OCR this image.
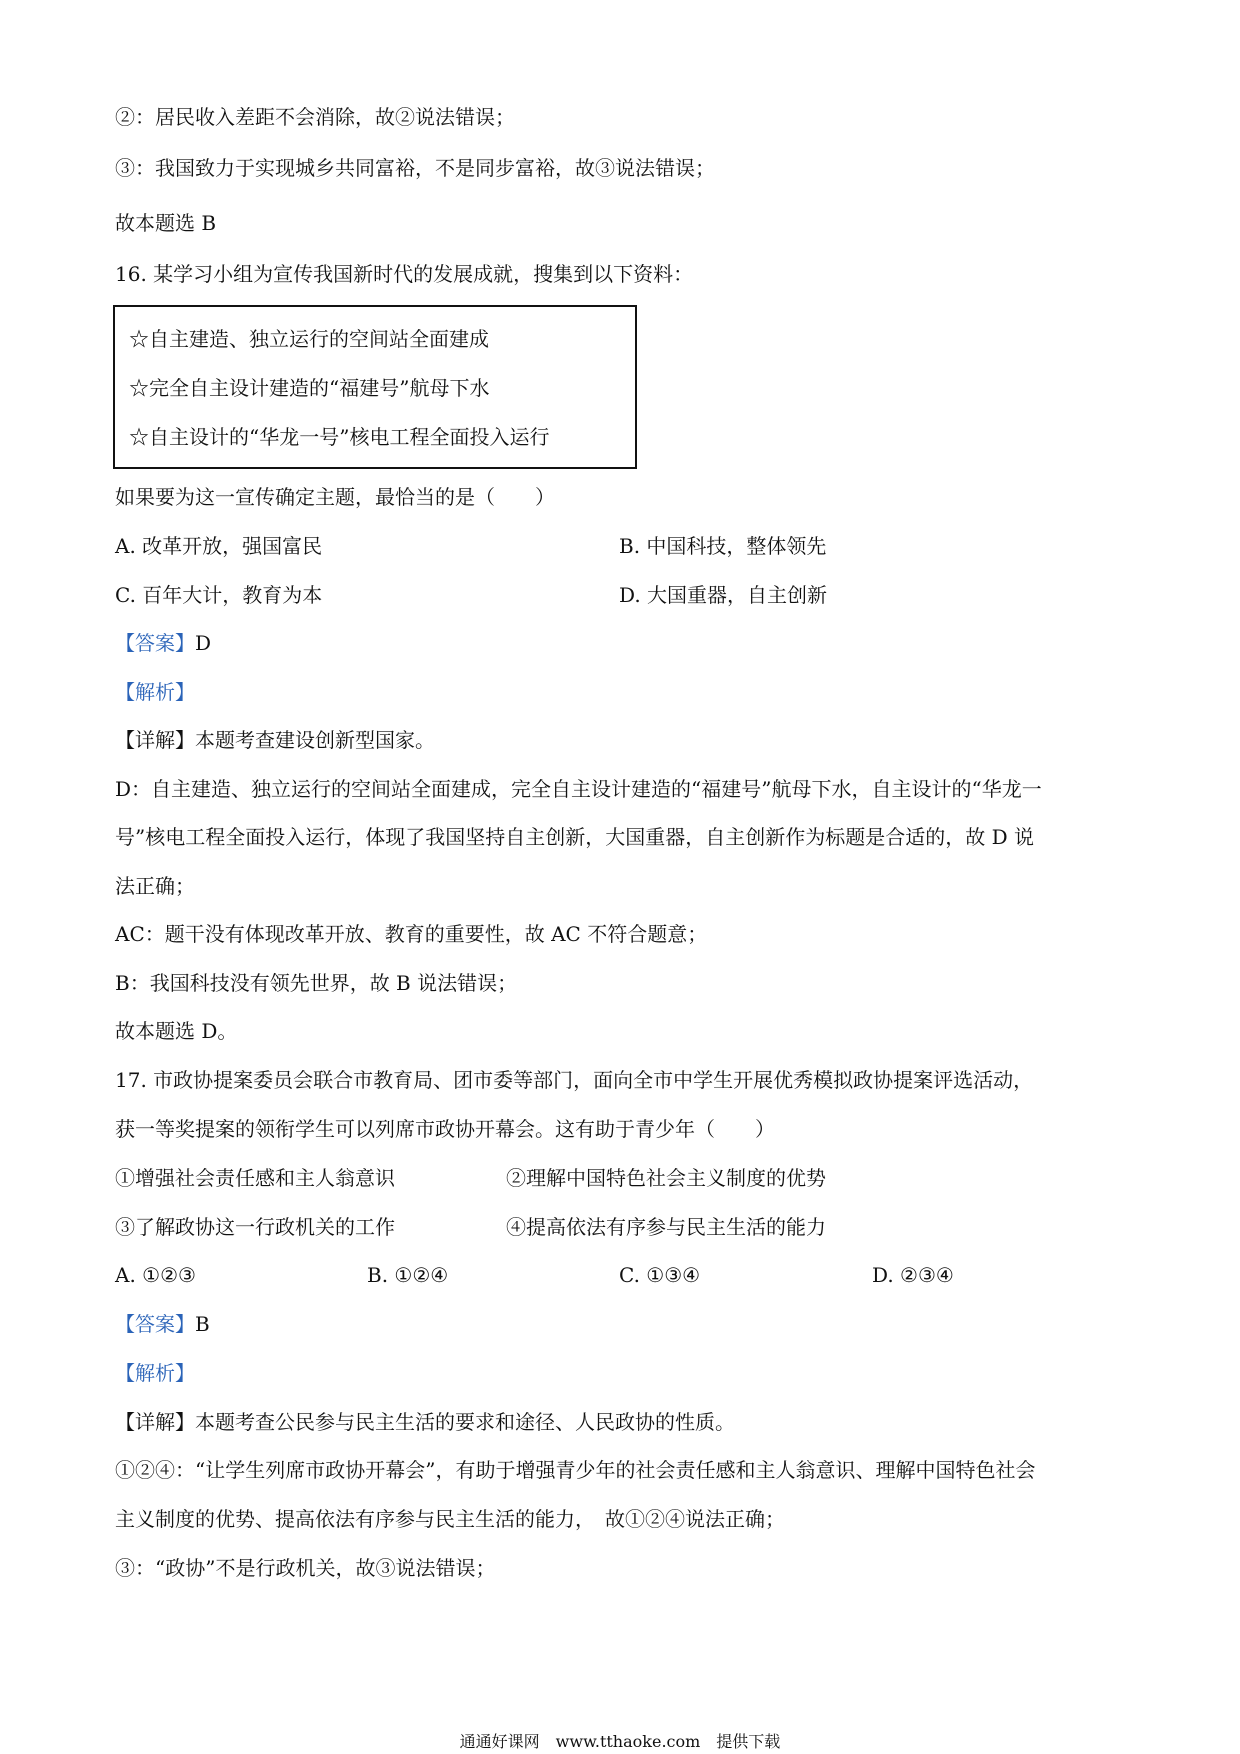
②：居民收入差距不会消除，故②说法错误；
③：我国致力于实现城乡共同富裕，不是同步富裕，故③说法错误；
故本题选 B
16. 某学习小组为宣传我国新时代的发展成就，搜集到以下资料：
☆自主建造、独立运行的空间站全面建成
☆完全自主设计建造的“福建号”航母下水
☆自主设计的“华龙一号”核电工程全面投入运行
如果要为这一宣传确定主题，最恰当的是（　　）
A. 改革开放，强国富民	B. 中国科技，整体领先
C. 百年大计，教育为本	D. 大国重器，自主创新
【答案】D
【解析】
【详解】本题考查建设创新型国家。
D：自主建造、独立运行的空间站全面建成，完全自主设计建造的“福建号”航母下水，自主设计的“华龙一
号”核电工程全面投入运行，体现了我国坚持自主创新，大国重器，自主创新作为标题是合适的，故 D 说
法正确；
AC：题干没有体现改革开放、教育的重要性，故 AC 不符合题意；
B：我国科技没有领先世界，故 B 说法错误；
故本题选 D。
17. 市政协提案委员会联合市教育局、团市委等部门，面向全市中学生开展优秀模拟政协提案评选活动，
获一等奖提案的领衔学生可以列席市政协开幕会。这有助于青少年（　　）
①增强社会责任感和主人翁意识	②理解中国特色社会主义制度的优势
③了解政协这一行政机关的工作	④提高依法有序参与民主生活的能力
A. ①②③	B. ①②④	C. ①③④	D. ②③④
【答案】B
【解析】
【详解】本题考查公民参与民主生活的要求和途径、人民政协的性质。
①②④：“让学生列席市政协开幕会”，有助于增强青少年的社会责任感和主人翁意识、理解中国特色社会
主义制度的优势、提高依法有序参与民主生活的能力，　故①②④说法正确；
③：“政协”不是行政机关，故③说法错误；
通通好课网　www.tthaoke.com　提供下载
